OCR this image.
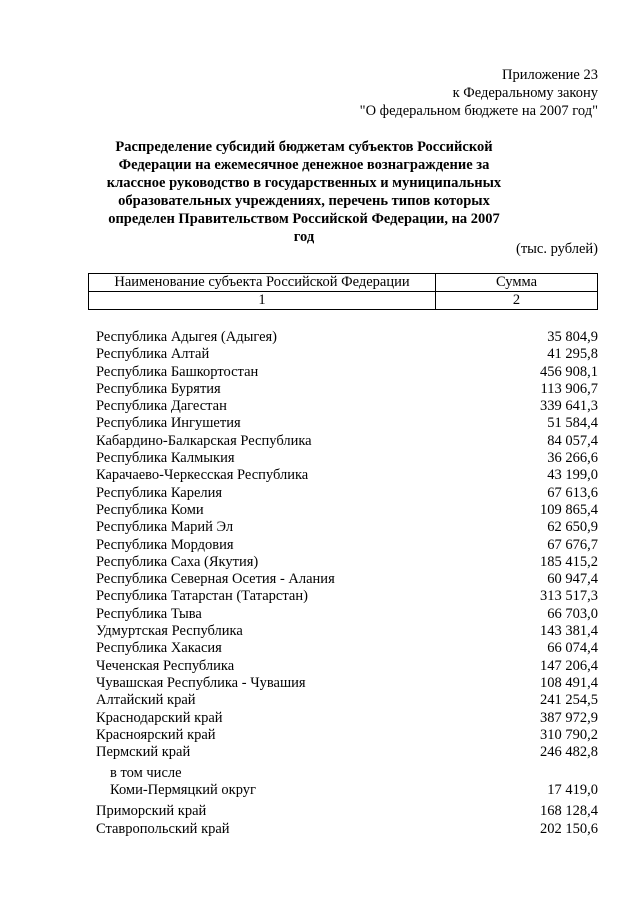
Приложение 23
к Федеральному закону
"О федеральном бюджете на 2007 год"
Распределение субсидий бюджетам субъектов Российской Федерации на ежемесячное денежное вознаграждение за классное руководство в государственных и муниципальных образовательных учреждениях, перечень типов которых определен Правительством Российской Федерации, на 2007 год
(тыс. рублей)
Наименование субъекта Российской Федерации	Сумма
1	2
Республика Адыгея (Адыгея)	35 804,9
Республика Алтай	41 295,8
Республика Башкортостан	456 908,1
Республика Бурятия	113 906,7
Республика Дагестан	339 641,3
Республика Ингушетия	51 584,4
Кабардино-Балкарская Республика	84 057,4
Республика Калмыкия	36 266,6
Карачаево-Черкесская Республика	43 199,0
Республика Карелия	67 613,6
Республика Коми	109 865,4
Республика Марий Эл	62 650,9
Республика Мордовия	67 676,7
Республика Саха (Якутия)	185 415,2
Республика Северная Осетия - Алания	60 947,4
Республика Татарстан (Татарстан)	313 517,3
Республика Тыва	66 703,0
Удмуртская Республика	143 381,4
Республика Хакасия	66 074,4
Чеченская Республика	147 206,4
Чувашская Республика - Чувашия	108 491,4
Алтайский край	241 254,5
Краснодарский край	387 972,9
Красноярский край	310 790,2
Пермский край	246 482,8
в том числе
Коми-Пермяцкий округ	17 419,0
Приморский край	168 128,4
Ставропольский край	202 150,6
